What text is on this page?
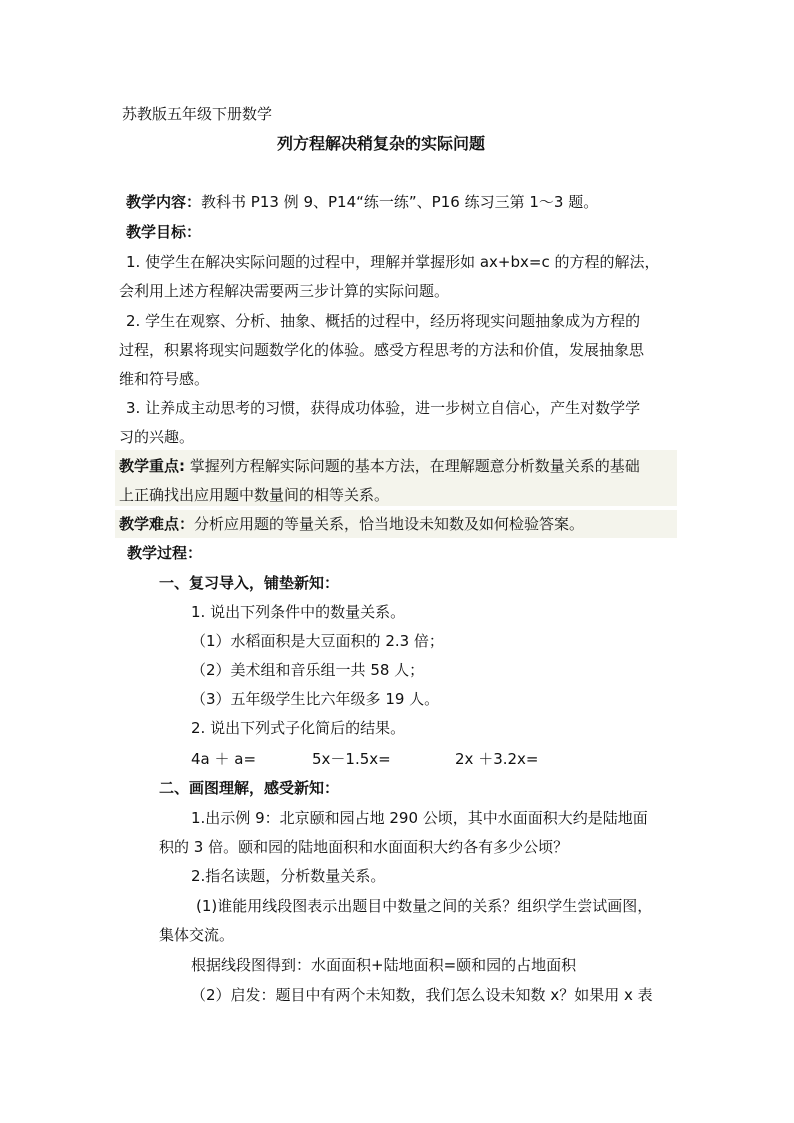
苏教版五年级下册数学
列方程解决稍复杂的实际问题
教学内容：教科书 P13 例 9、P14“练一练”、P16 练习三第 1～3 题。
教学目标：
1. 使学生在解决实际问题的过程中，理解并掌握形如 ax+bx=c 的方程的解法，
会利用上述方程解决需要两三步计算的实际问题。
2. 学生在观察、分析、抽象、概括的过程中，经历将现实问题抽象成为方程的
过程，积累将现实问题数学化的体验。感受方程思考的方法和价值，发展抽象思
维和符号感。
3. 让养成主动思考的习惯，获得成功体验，进一步树立自信心，产生对数学学
习的兴趣。
教学重点: 掌握列方程解实际问题的基本方法，在理解题意分析数量关系的基础
上正确找出应用题中数量间的相等关系。
教学难点：分析应用题的等量关系，恰当地设未知数及如何检验答案。
教学过程：
一、复习导入，铺垫新知：
1. 说出下列条件中的数量关系。
（1）水稻面积是大豆面积的 2.3 倍；
（2）美术组和音乐组一共 58 人；
（3）五年级学生比六年级多 19 人。
2. 说出下列式子化简后的结果。
4a ＋ a=	5x－1.5x=	2x ＋3.2x=
二、画图理解，感受新知：
1.出示例 9：北京颐和园占地 290 公顷，其中水面面积大约是陆地面
积的 3 倍。颐和园的陆地面积和水面面积大约各有多少公顷？
2.指名读题，分析数量关系。
(1)谁能用线段图表示出题目中数量之间的关系？组织学生尝试画图，
集体交流。
根据线段图得到：水面面积+陆地面积=颐和园的占地面积
（2）启发：题目中有两个未知数，我们怎么设未知数 x？如果用 x 表
